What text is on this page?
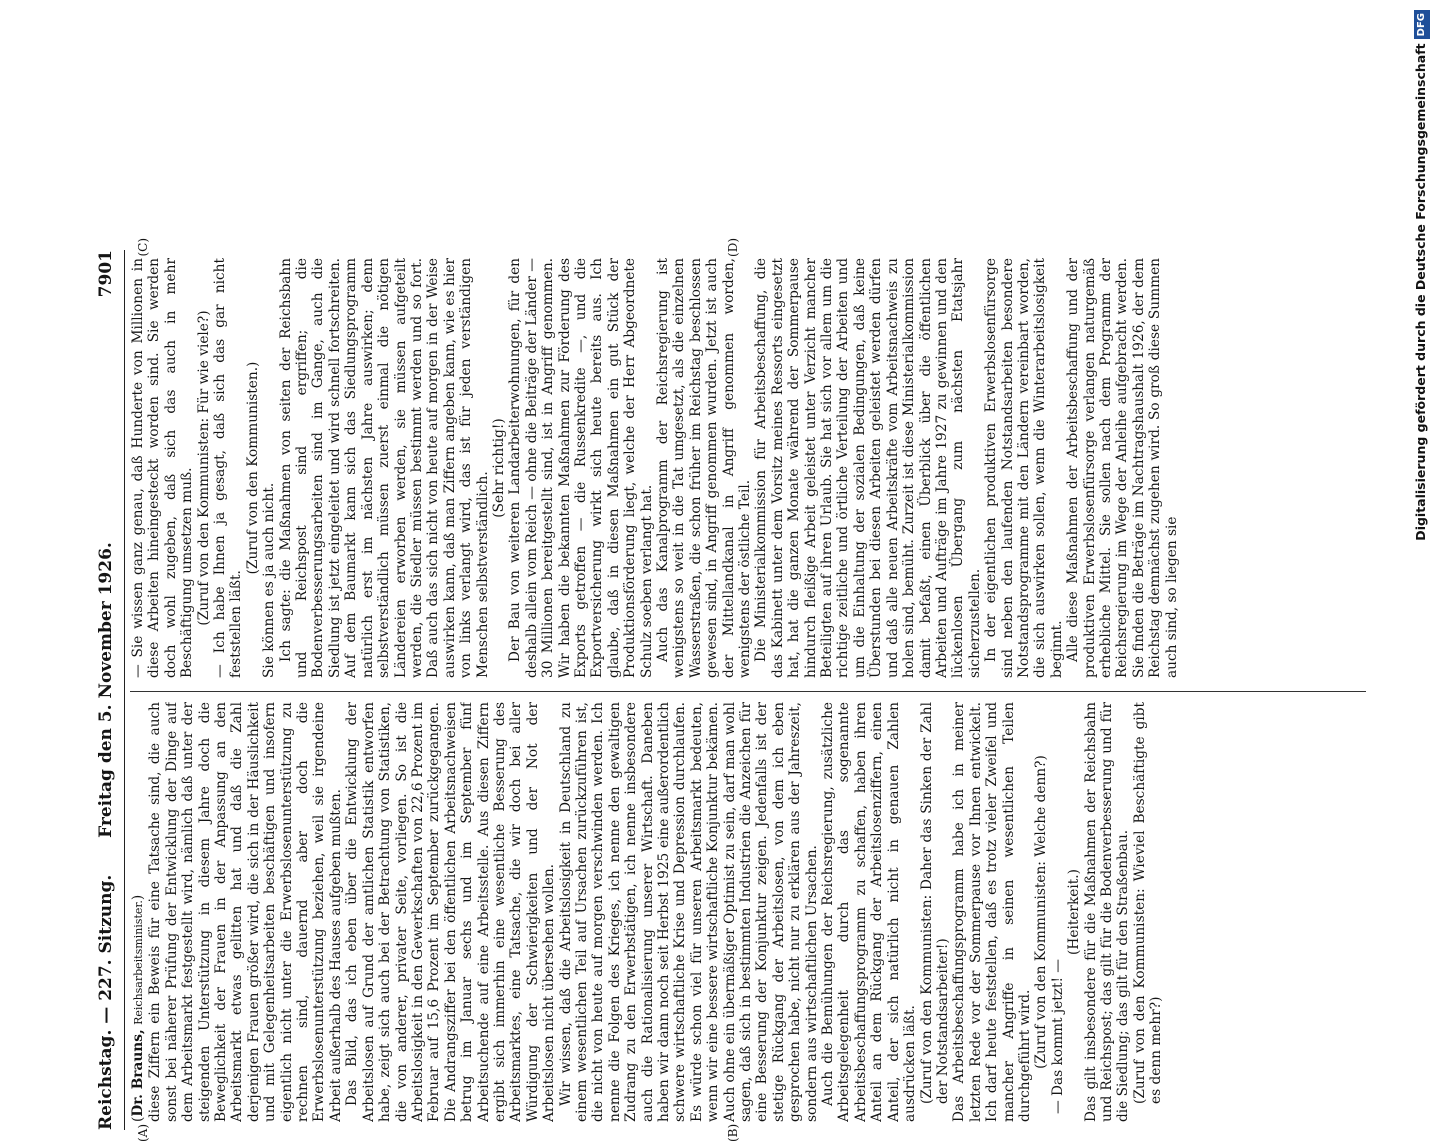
Reichstag. — 227. Sitzung.
Freitag den 5. November 1926.
7901
(A)	(B)
(C)	(D)

(Dr. Brauns, Reichsarbeitsminister.) diese Ziffern ein Beweis für eine Tatsache sind, die auch sonst bei näherer Prüfung der Entwicklung der Dinge auf dem Arbeitsmarkt festgestellt wird, nämlich daß unter der steigenden Unterstützung in diesem Jahre doch die Beweglichkeit der Frauen in der Anpassung an den Arbeitsmarkt etwas gelitten hat und daß die Zahl derjenigen Frauen größer wird, die sich in der Häuslichkeit und mit Gelegenheitsarbeiten beschäftigen und insofern eigentlich nicht unter die Erwerbslosenunterstützung zu rechnen sind, dauernd aber doch die Erwerbslosenunterstützung beziehen, weil sie irgendeine Arbeit außerhalb des Hauses aufgeben mußten. Das Bild, das ich eben über die Entwicklung der Arbeitslosen auf Grund der amtlichen Statistik entworfen habe, zeigt sich auch bei der Betrachtung von Statistiken, die von anderer, privater Seite, vorliegen. So ist die Arbeitslosigkeit in den Gewerkschaften von 22,6 Prozent im Februar auf 15,6 Prozent im September zurückgegangen. Die Andrangsziffer bei den öffentlichen Arbeitsnachweisen betrug im Januar sechs und im September fünf Arbeitsuchende auf eine Arbeitsstelle. Aus diesen Ziffern ergibt sich immerhin eine wesentliche Besserung des Arbeitsmarktes, eine Tatsache, die wir doch bei aller Würdigung der Schwierigkeiten und der Not der Arbeitslosen nicht übersehen wollen. Wir wissen, daß die Arbeitslosigkeit in Deutschland zu einem wesentlichen Teil auf Ursachen zurückzuführen ist, die nicht von heute auf morgen verschwinden werden. Ich nenne die Folgen des Krieges, ich nenne den gewaltigen Zudrang zu den Erwerbstätigen, ich nenne insbesondere auch die Rationalisierung unserer Wirtschaft. Daneben haben wir dann noch seit Herbst 1925 eine außerordentlich schwere wirtschaftliche Krise und Depression durchlaufen. Es würde schon viel für unseren Arbeitsmarkt bedeuten, wenn wir eine bessere wirtschaftliche Konjunktur bekämen. Auch ohne ein übermäßiger Optimist zu sein, darf man wohl sagen, daß sich in bestimmten Industrien die Anzeichen für eine Besserung der Konjunktur zeigen. Jedenfalls ist der stetige Rückgang der Arbeitslosen, von dem ich eben gesprochen habe, nicht nur zu erklären aus der Jahreszeit, sondern aus wirtschaftlichen Ursachen. Auch die Bemühungen der Reichsregierung, zusätzliche Arbeitsgelegenheit durch das sogenannte Arbeitsbeschaffungsprogramm zu schaffen, haben ihren Anteil an dem Rückgang der Arbeitslosenziffern, einen Anteil, der sich natürlich nicht in genauen Zahlen ausdrücken läßt. (Zuruf von den Kommunisten: Daher das Sinken der Zahl der Notstandsarbeiter!) Das Arbeitsbeschaffungsprogramm habe ich in meiner letzten Rede vor der Sommerpause vor Ihnen entwickelt. Ich darf heute feststellen, daß es trotz vieler Zweifel und mancher Angriffe in seinen wesentlichen Teilen durchgeführt wird. (Zuruf von den Kommunisten: Welche denn?) — Das kommt jetzt! —

(Heiterkeit.) Das gilt insbesondere für die Maßnahmen der Reichsbahn und Reichspost; das gilt für die Bodenverbesserung und für die Siedlung; das gilt für den Straßenbau. (Zuruf von den Kommunisten: Wieviel Beschäftigte gibt es denn mehr?)

— Sie wissen ganz genau, daß Hunderte von Millionen in diese Arbeiten hineingesteckt worden sind. Sie werden doch wohl zugeben, daß sich das auch in mehr Beschäftigung umsetzen muß. (Zuruf von den Kommunisten: Für wie viele?) — Ich habe Ihnen ja gesagt, daß sich das gar nicht feststellen läßt.

(Zuruf von den Kommunisten.)

Sie können es ja auch nicht. Ich sagte: die Maßnahmen von seiten der Reichsbahn und Reichspost sind ergriffen; die Bodenverbesserungsarbeiten sind im Gange, auch die Siedlung ist jetzt eingeleitet und wird schnell fortschreiten. Auf dem Baumarkt kann sich das Siedlungsprogramm natürlich erst im nächsten Jahre auswirken; denn selbstverständlich müssen zuerst einmal die nötigen Ländereien erworben werden, sie müssen aufgeteilt werden, die Siedler müssen bestimmt werden und so fort. Daß auch das sich nicht von heute auf morgen in der Weise auswirken kann, daß man Ziffern angeben kann, wie es hier von links verlangt wird, das ist für jeden verständigen Menschen selbstverständlich.

(Sehr richtig!) Der Bau von weiteren Landarbeiterwohnungen, für den deshalb allein vom Reich — ohne die Beiträge der Länder — 30 Millionen bereitgestellt sind, ist in Angriff genommen. Wir haben die bekannten Maßnahmen zur Förderung des Exports getroffen — die Russenkredite —, und die Exportversicherung wirkt sich heute bereits aus. Ich glaube, daß in diesen Maßnahmen ein gut Stück der Produktionsförderung liegt, welche der Herr Abgeordnete Schulz soeben verlangt hat. Auch das Kanalprogramm der Reichsregierung ist wenigstens so weit in die Tat umgesetzt, als die einzelnen Wasserstraßen, die schon früher im Reichstag beschlossen gewesen sind, in Angriff genommen wurden. Jetzt ist auch der Mittellandkanal in Angriff genommen worden, wenigstens der östliche Teil. Die Ministerialkommission für Arbeitsbeschaffung, die das Kabinett unter dem Vorsitz meines Ressorts eingesetzt hat, hat die ganzen Monate während der Sommerpause hindurch fleißige Arbeit geleistet unter Verzicht mancher Beteiligten auf ihren Urlaub. Sie hat sich vor allem um die richtige zeitliche und örtliche Verteilung der Arbeiten und um die Einhaltung der sozialen Bedingungen, daß keine Überstunden bei diesen Arbeiten geleistet werden dürfen und daß alle neuen Arbeitskräfte vom Arbeitsnachweis zu holen sind, bemüht. Zurzeit ist diese Ministerialkommission damit befaßt, einen Überblick über die öffentlichen Arbeiten und Aufträge im Jahre 1927 zu gewinnen und den lückenlosen Übergang zum nächsten Etatsjahr sicherzustellen. In der eigentlichen produktiven Erwerbslosenfürsorge sind neben den laufenden Notstandsarbeiten besondere Notstandsprogramme mit den Ländern vereinbart worden, die sich auswirken sollen, wenn die Winterarbeitslosigkeit beginnt. Alle diese Maßnahmen der Arbeitsbeschaffung und der produktiven Erwerbslosenfürsorge verlangen naturgemäß erhebliche Mittel. Sie sollen nach dem Programm der Reichsregierung im Wege der Anleihe aufgebracht werden. Sie finden die Beträge im Nachtragshaushalt 1926, der dem Reichstag demnächst zugehen wird. So groß diese Summen auch sind, so liegen sie

Digitalisierung gefördert durch die Deutsche ForschungsgemeinschaftDFG
